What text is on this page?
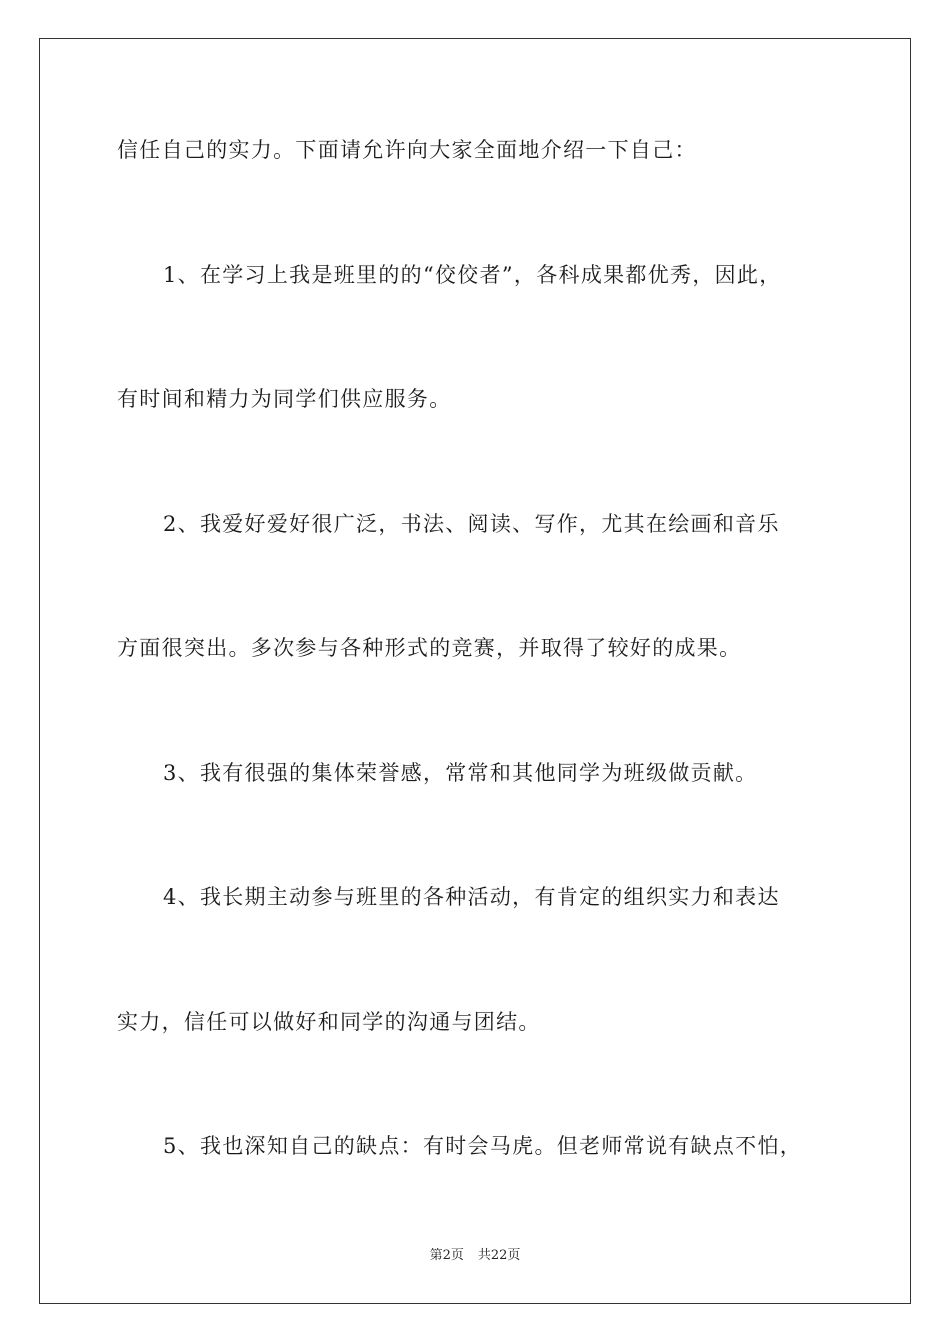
信任自己的实力。下面请允许向大家全面地介绍一下自己：
1、在学习上我是班里的的“佼佼者”，各科成果都优秀，因此，
有时间和精力为同学们供应服务。
2、我爱好爱好很广泛，书法、阅读、写作，尤其在绘画和音乐
方面很突出。多次参与各种形式的竞赛，并取得了较好的成果。
3、我有很强的集体荣誉感，常常和其他同学为班级做贡献。
4、我长期主动参与班里的各种活动，有肯定的组织实力和表达
实力，信任可以做好和同学的沟通与团结。
5、我也深知自己的缺点：有时会马虎。但老师常说有缺点不怕，
第2页 共22页
